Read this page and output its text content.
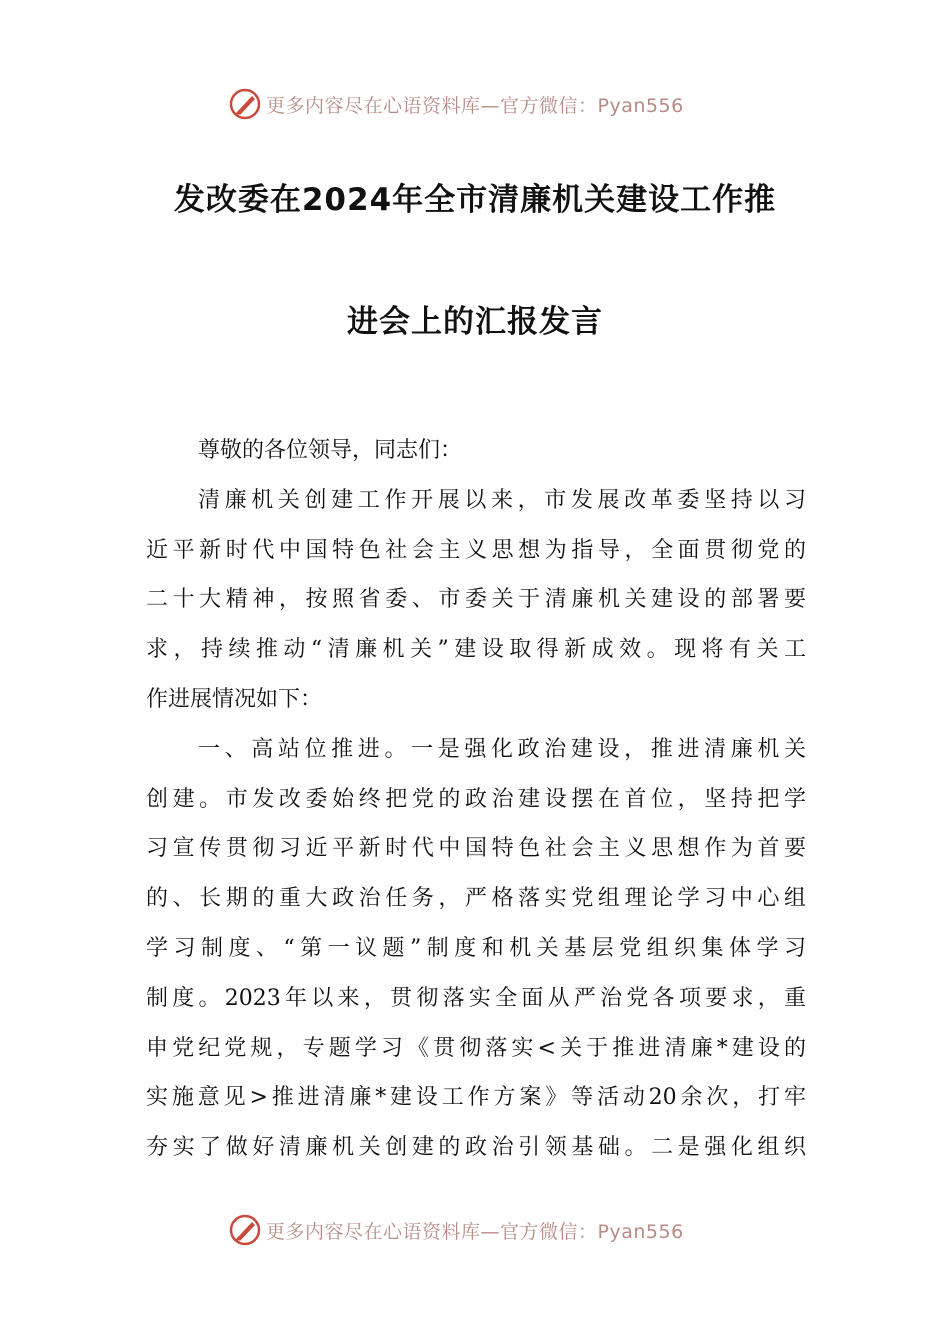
更多内容尽在心语资料库—官方微信：Pyan556
发改委在2024年全市清廉机关建设工作推
进会上的汇报发言
尊敬的各位领导，同志们：
清廉机关创建工作开展以来，市发展改革委坚持以习
近平新时代中国特色社会主义思想为指导，全面贯彻党的
二十大精神，按照省委、市委关于清廉机关建设的部署要
求，持续推动“清廉机关”建设取得新成效。现将有关工
作进展情况如下：
一、高站位推进。一是强化政治建设，推进清廉机关
创建。市发改委始终把党的政治建设摆在首位，坚持把学
习宣传贯彻习近平新时代中国特色社会主义思想作为首要
的、长期的重大政治任务，严格落实党组理论学习中心组
学习制度、“第一议题”制度和机关基层党组织集体学习
制度。2023年以来，贯彻落实全面从严治党各项要求，重
申党纪党规，专题学习《贯彻落实<关于推进清廉*建设的
实施意见>推进清廉*建设工作方案》等活动20余次，打牢
夯实了做好清廉机关创建的政治引领基础。二是强化组织
更多内容尽在心语资料库—官方微信：Pyan556
